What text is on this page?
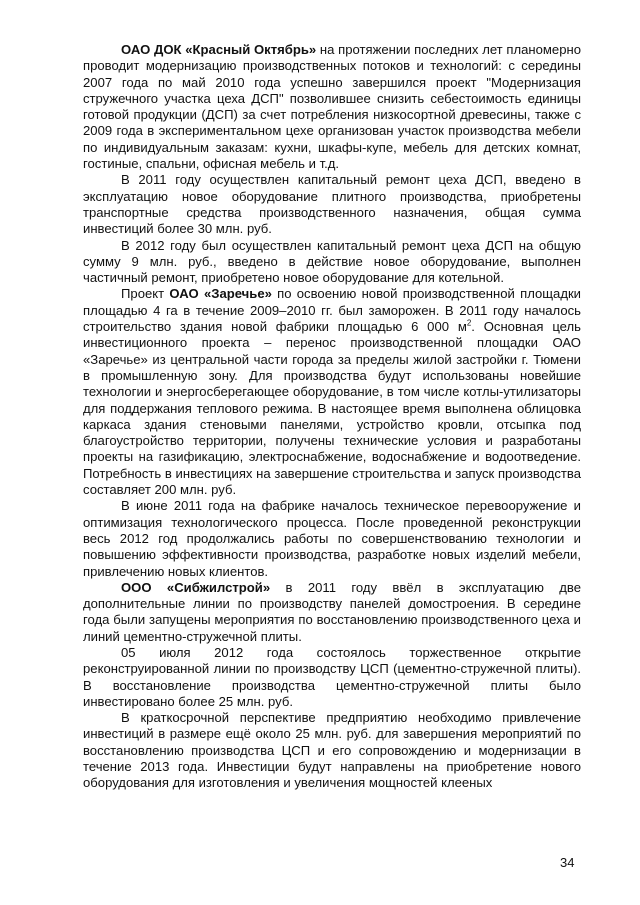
ОАО ДОК «Красный Октябрь» на протяжении последних лет планомерно проводит модернизацию производственных потоков и технологий: с середины 2007 года по май 2010 года успешно завершился проект "Модернизация стружечного участка цеха ДСП" позволившее снизить себестоимость единицы готовой продукции (ДСП) за счет потребления низкосортной древесины, также с 2009 года в экспериментальном цехе организован участок производства мебели по индивидуальным заказам: кухни, шкафы-купе, мебель для детских комнат, гостиные, спальни, офисная мебель и т.д.

В 2011 году осуществлен капитальный ремонт цеха ДСП, введено в эксплуатацию новое оборудование плитного производства, приобретены транспортные средства производственного назначения, общая сумма инвестиций более 30 млн. руб.

В 2012 году был осуществлен капитальный ремонт цеха ДСП на общую сумму 9 млн. руб., введено в действие новое оборудование, выполнен частичный ремонт, приобретено новое оборудование для котельной.

Проект ОАО «Заречье» по освоению новой производственной площадки площадью 4 га в течение 2009–2010 гг. был заморожен. В 2011 году началось строительство здания новой фабрики площадью 6 000 $м^2$. Основная цель инвестиционного проекта – перенос производственной площадки ОАО «Заречье» из центральной части города за пределы жилой застройки г. Тюмени в промышленную зону. Для производства будут использованы новейшие технологии и энергосберегающее оборудование, в том числе котлы-утилизаторы для поддержания теплового режима. В настоящее время выполнена облицовка каркаса здания стеновыми панелями, устройство кровли, отсыпка под благоустройство территории, получены технические условия и разработаны проекты на газификацию, электроснабжение, водоснабжение и водоотведение. Потребность в инвестициях на завершение строительства и запуск производства составляет 200 млн. руб.

В июне 2011 года на фабрике началось техническое перевооружение и оптимизация технологического процесса. После проведенной реконструкции весь 2012 год продолжались работы по совершенствованию технологии и повышению эффективности производства, разработке новых изделий мебели, привлечению новых клиентов.

ООО «Сибжилстрой» в 2011 году ввёл в эксплуатацию две дополнительные линии по производству панелей домостроения. В середине года были запущены мероприятия по восстановлению производственного цеха и линий цементно-стружечной плиты.

05 июля 2012 года состоялось торжественное открытие реконструированной линии по производству ЦСП (цементно-стружечной плиты). В восстановление производства цементно-стружечной плиты было инвестировано более 25 млн. руб.

В краткосрочной перспективе предприятию необходимо привлечение инвестиций в размере ещё около 25 млн. руб. для завершения мероприятий по восстановлению производства ЦСП и его сопровождению и модернизации в течение 2013 года. Инвестиции будут направлены на приобретение нового оборудования для изготовления и увеличения мощностей клееных

34
